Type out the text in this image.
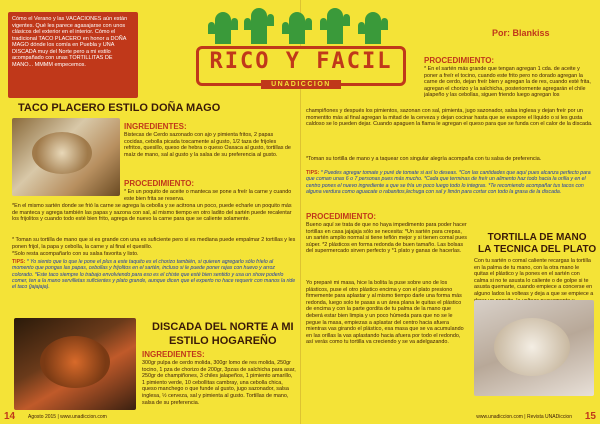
Cómo el Verano y las VACACIONES aún están vigentes. Qué les parece agasajarse con unos clásicos del exterior en el interior. Cómo el tradicional TACO PLACERO en honor a DOÑA MAGO dónde los comía en Puebla y UNA DISCADA muy del Norte pero a mi estilo acompañado con unas TORTILLITAS DE MANO... MMMM empecemos.	RICO Y FACIL
UNADICCION
Por: Blankiss
TACO PLACERO ESTILO DOÑA MAGO
INGREDIENTES:
Bistecas de Cerdo sazonado con ajo y pimienta fritos, 2 papas cocidas, cebolla picada toscamente al gusto, 1/2 taza de frijoles refritos, quesillo, queso de hebra o queso Oaxaca al gusto, tortillas de maíz de mano, sal al gusto y la salsa de su preferencia al gusto.
PROCEDIMIENTO:
* En un poquito de aceite o manteca se pone a freír la carne y cuando este bien frita se reserva.
*En el mismo sartén donde se frió la carne se agrega la cebolla y se acitrona un poco, puede echarle un poquito más de manteca y agrega también las papas y sazona con sal, al mismo tiempo en otro ladito del sartén puede recalentar los frijolitos y cuando todo esté bien frito, agrega de nuevo la carne para que se caliente solamente.
* Toman su tortilla de mano que si es grande con una es suficiente pero si es mediana puede empalmar 2 tortillas y les ponen frijol, la papa y cebolla, la carne y al final el quesillo.
*Solo resta acompañarlo con su salsa favorita y listo.
TIPS: * Yo siento que lo que le pone el plus a este taquito es el chorizo también, si quieren agregarlo sólo fríelo al momento que pongas las papas, cebollas y frijolitos en el sartén, incluso si le puede poner rajas con huevo y arroz colorado. *Este taco siempre lo trabajo envolviendo para eso es el chiste que esté bien sentido y usa un show poderlo comer, ten a la mano servilletas suficientes y plato grande, aunque dicen que el experto no hace requerir con manos la ride el taco (jajajaja).
DISCADA DEL NORTE A MI
ESTILO HOGAREÑO
INGREDIENTES:
300gr pulpa de cerdo molida, 300gr lomo de res molida, 250gr tocino, 1 pza de chorizo de 200gr, 3pzas de salchicha para asar, 250gr de champiñones, 3 chiles jalapeños, 1 pimiento amarillo, 1 pimiento verde, 10 cebollitas cambray, una cebolla chica, queso manchego o que funde al gusto, jugo sazonador, salsa inglesa, ½ cerveza, sal y pimienta al gusto. Tortillas de mano, salsa de su preferencia.
PROCEDIMIENTO:
* En el sartén más grande que tengan agregan 1 cda. de aceite y poner a freír el tocino, cuando este frito pero no dorado agregan la carne de cerdo, dejan freír bien y agregan la de res, cuando esté frita, agregan el chorizo y la salchicha, posteriormente agregarán el chile jalapeño y las cebollas, siguen friendo luego agregan los
champiñones y después los pimientos, sazonan con sal, pimienta, jugo sazonador, salsa inglesa y dejan freír por un momentito más al final agregan la mitad de la cerveza y dejan cocinar hasta que se evapore el líquido o si les gusta caldoso se lo pueden dejar. Cuando apaguen la flama le agregan el queso para que se funda con el calor de la discada.
*Toman su tortilla de mano y a taquear con singular alegría acompaña con tu salsa de preferencia.
TIPS: * Puedes agregar tomate y puré de tomate si así lo deseas. *Con las cantidades que aquí pues alcanza perfecto para que coman unas 6 o 7 personas pues más mucho. *Cada que terminas de freír un alimento haz todo hacia la orilla y en el centro pones el nuevo ingrediente a que se fría un poco luego todo lo integras. *Te recomiendo acompañar tus tacos con alguna verdura como aguacate o rabanitos,lechuga con sal y limón para cortar con todo la grasa de la discada.
PROCEDIMIENTO:
Bueno aquí se trata de que no haya impedimento para poder hacer tortillas en casa jajajaja sólo se necesita: *Un sartén para crepas, un sartén amplio normal si tiene teflón mejor y si tienen comal pues súper. *2 plásticos en forma redonda de buen tamaño. Las bolsas del supermercado sirven perfecto y *1 plato y ganas de hacerlas.
Yo preparé mi masa, hice la bolita la puse sobre uno de los plásticos, puse el otro plástico encima y con el plato presiono firmemente para aplastar y al mismo tiempo darle una forma más redonda, luego solo te pasas a un área plana le quitas el plástico de encima y con la parte gordita de tu palma de la mano que deberá estar bien limpia y un poco húmeda para que no se le pegue la masa, empiezas a aplastar del centro hacia afuera mientras vas girando el plástico, esa masa que se va acumulando en las orillas la vas aplastando hacia afuera por todo el redondo, así verás como tu tortilla va creciendo y se va adelgazando.
TORTILLA DE MANO
LA TECNICA DEL PLATO
Con tu sartén o comal caliente recargas la tortilla en la palma de tu mano, con la otra mano le quitas el plástico y la pones en el sartén con calma si no te asusta lo caliente o de golpe si te asusta quemarte, cuando empiece a concerse en alguno lados la volteas y deja a que se empiece a
14	Agosto 2015 | www.unadiccion.com	www.unadiccion.com | Revista UNADiccion 15
